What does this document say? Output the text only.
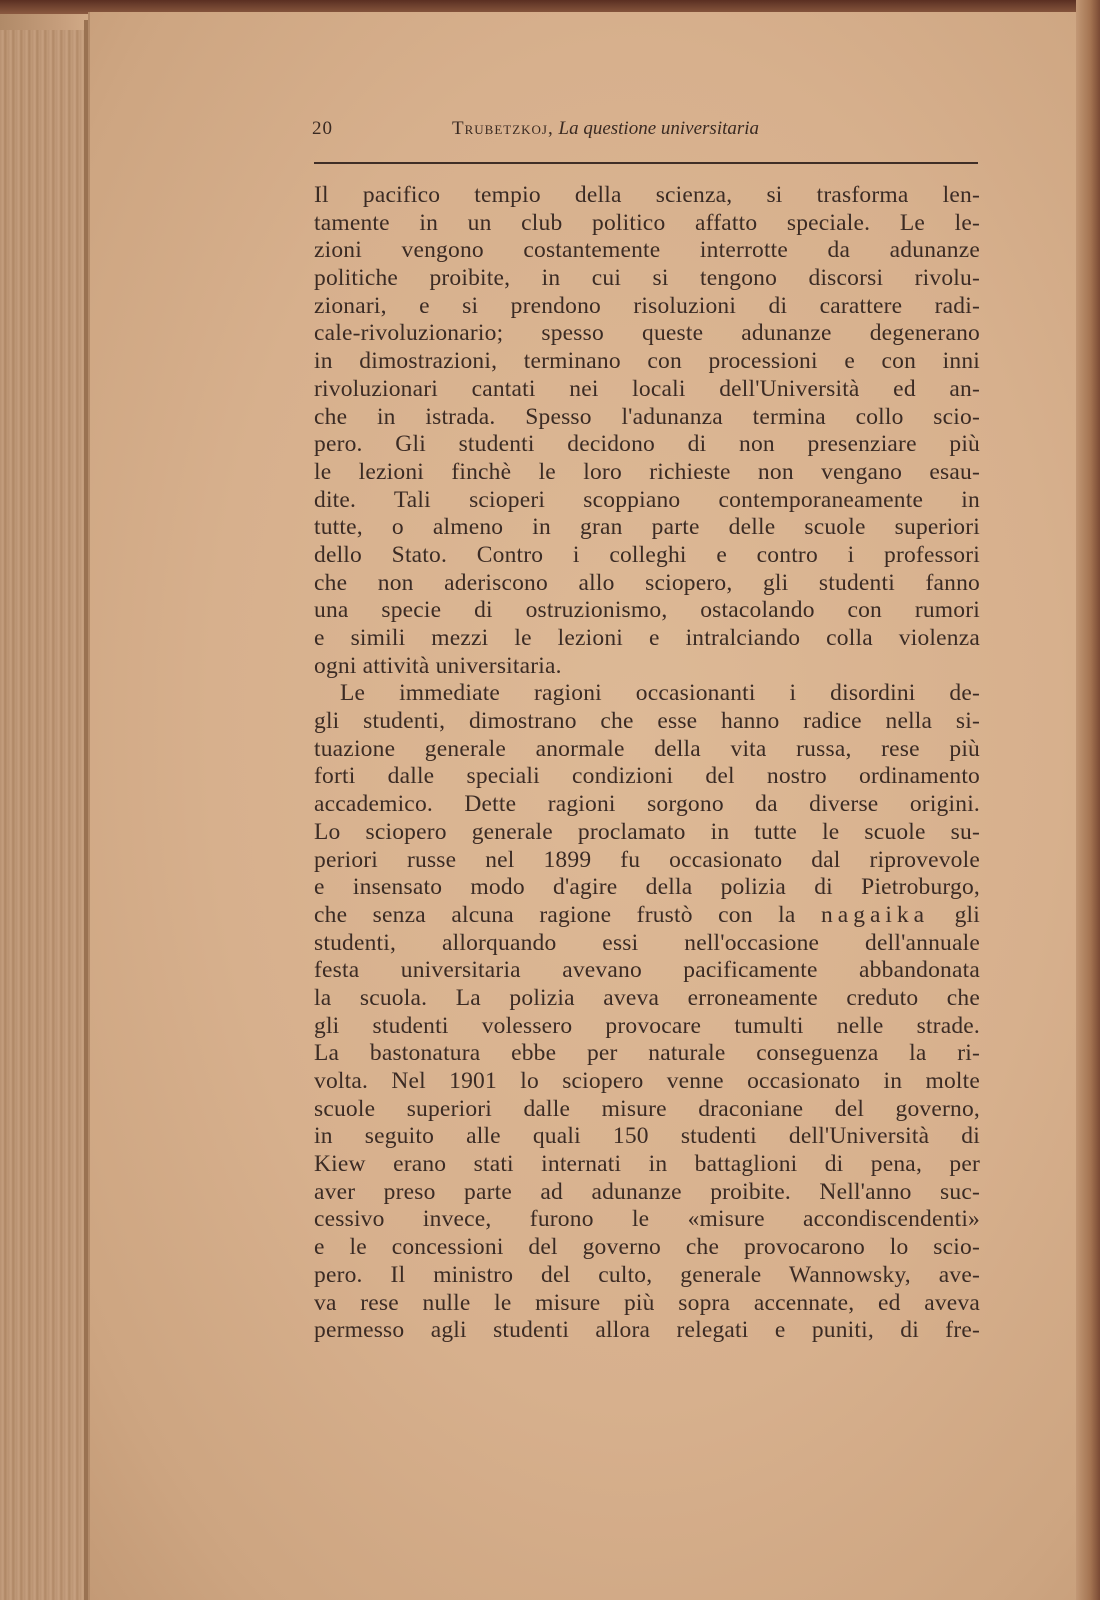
20	Trubetzkoj, La questione universitaria
Il pacifico tempio della scienza, si trasforma len-
tamente in un club politico affatto speciale. Le le-
zioni vengono costantemente interrotte da adunanze
politiche proibite, in cui si tengono discorsi rivolu-
zionari, e si prendono risoluzioni di carattere radi-
cale-rivoluzionario; spesso queste adunanze degenerano
in dimostrazioni, terminano con processioni e con inni
rivoluzionari cantati nei locali dell'Università ed an-
che in istrada. Spesso l'adunanza termina collo scio-
pero. Gli studenti decidono di non presenziare più
le lezioni finchè le loro richieste non vengano esau-
dite. Tali scioperi scoppiano contemporaneamente in
tutte, o almeno in gran parte delle scuole superiori
dello Stato. Contro i colleghi e contro i professori
che non aderiscono allo sciopero, gli studenti fanno
una specie di ostruzionismo, ostacolando con rumori
e simili mezzi le lezioni e intralciando colla violenza
ogni attività universitaria.
Le immediate ragioni occasionanti i disordini de-
gli studenti, dimostrano che esse hanno radice nella si-
tuazione generale anormale della vita russa, rese più
forti dalle speciali condizioni del nostro ordinamento
accademico. Dette ragioni sorgono da diverse origini.
Lo sciopero generale proclamato in tutte le scuole su-
periori russe nel 1899 fu occasionato dal riprovevole
e insensato modo d'agire della polizia di Pietroburgo,
che senza alcuna ragione frustò con la nagaika gli
studenti, allorquando essi nell'occasione dell'annuale
festa universitaria avevano pacificamente abbandonata
la scuola. La polizia aveva erroneamente creduto che
gli studenti volessero provocare tumulti nelle strade.
La bastonatura ebbe per naturale conseguenza la ri-
volta. Nel 1901 lo sciopero venne occasionato in molte
scuole superiori dalle misure draconiane del governo,
in seguito alle quali 150 studenti dell'Università di
Kiew erano stati internati in battaglioni di pena, per
aver preso parte ad adunanze proibite. Nell'anno suc-
cessivo invece, furono le «misure accondiscendenti»
e le concessioni del governo che provocarono lo scio-
pero. Il ministro del culto, generale Wannowsky, ave-
va rese nulle le misure più sopra accennate, ed aveva
permesso agli studenti allora relegati e puniti, di fre-
